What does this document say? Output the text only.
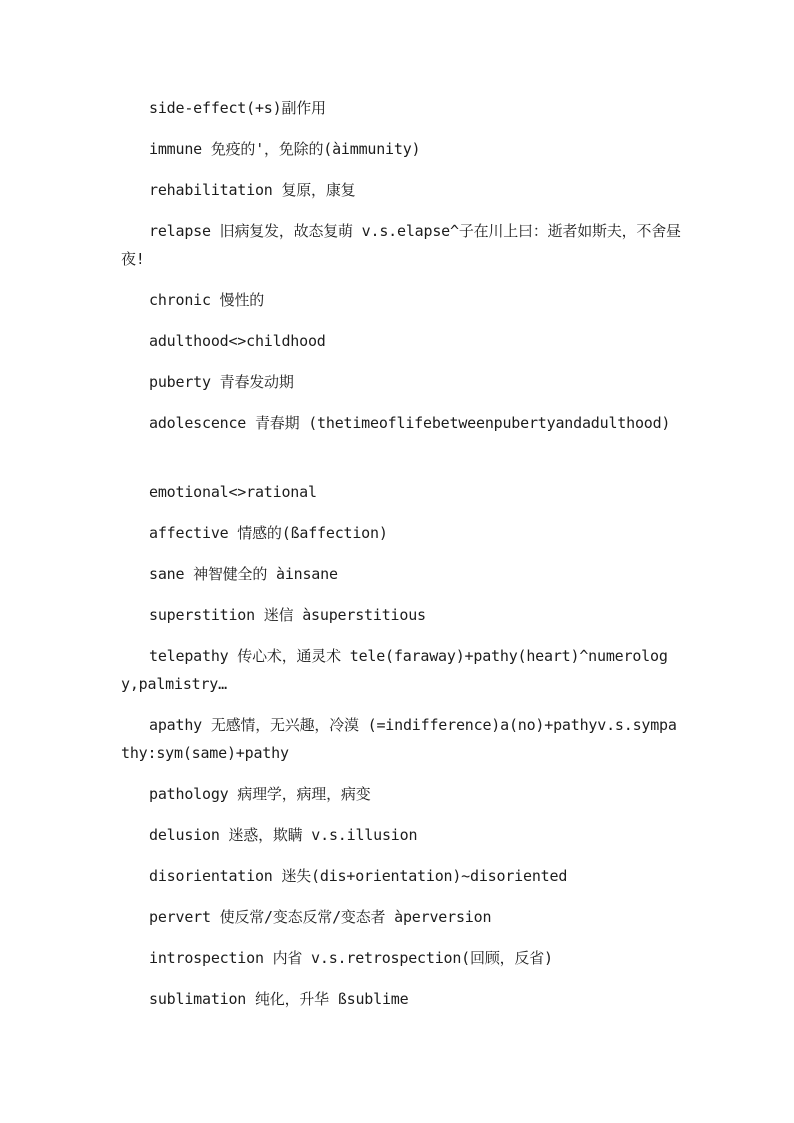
side-effect(+s)副作用

immune 免疫的'，免除的(àimmunity)

rehabilitation 复原，康复

relapse 旧病复发，故态复萌 v.s.elapse^子在川上曰：逝者如斯夫，不舍昼夜!

chronic 慢性的

adulthood<>childhood

puberty 青春发动期

adolescence 青春期 (thetimeoflifebetweenpubertyandadulthood)

emotional<>rational

affective 情感的(ßaffection)

sane 神智健全的 àinsane

superstition 迷信 àsuperstitious

telepathy 传心术，通灵术 tele(faraway)+pathy(heart)^numerology,palmistry…

apathy 无感情，无兴趣，冷漠 (=indifference)a(no)+pathyv.s.sympathy:sym(same)+pathy

pathology 病理学，病理，病变

delusion 迷惑，欺瞒 v.s.illusion

disorientation 迷失(dis+orientation)~disoriented

pervert 使反常/变态反常/变态者 àperversion

introspection 内省 v.s.retrospection(回顾，反省)

sublimation 纯化，升华 ßsublime
